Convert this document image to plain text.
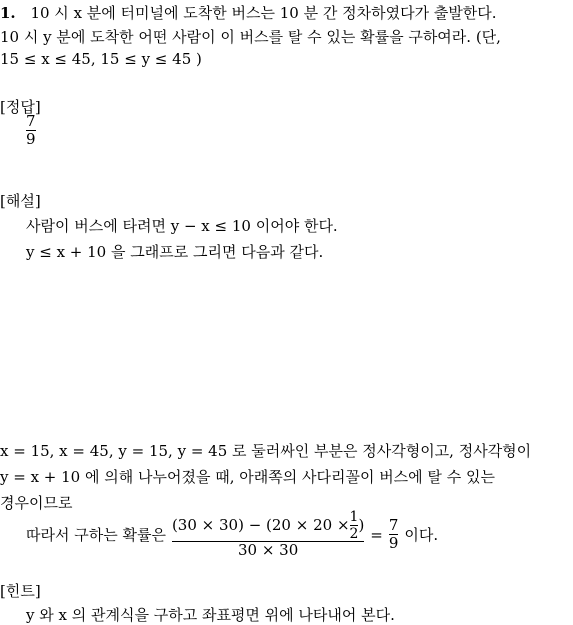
1. 10 시 x 분에 터미널에 도착한 버스는 10 분 간 정차하였다가 출발한다.
10 시 y 분에 도착한 어떤 사람이 이 버스를 탈 수 있는 확률을 구하여라. (단,
15 ≤ x ≤ 45, 15 ≤ y ≤ 45 )
[정답]
$\frac{7}{9}$
[해설]
사람이 버스에 타려면 y − x ≤ 10 이어야 한다.
y ≤ x + 10 을 그래프로 그리면 다음과 같다.
x = 15, x = 45, y = 15, y = 45 로 둘러싸인 부분은 정사각형이고, 정사각형이
y = x + 10 에 의해 나누어졌을 때, 아래쪽의 사다리꼴이 버스에 탈 수 있는
경우이므로
따라서 구하는 확률은
$(30 \times 30) - (20 \times 20 \times \frac{1}{2}$ )
30 × 30
= $\frac{7}{9}$ 이다.
[힌트]
y 와 x 의 관계식을 구하고 좌표평면 위에 나타내어 본다.
